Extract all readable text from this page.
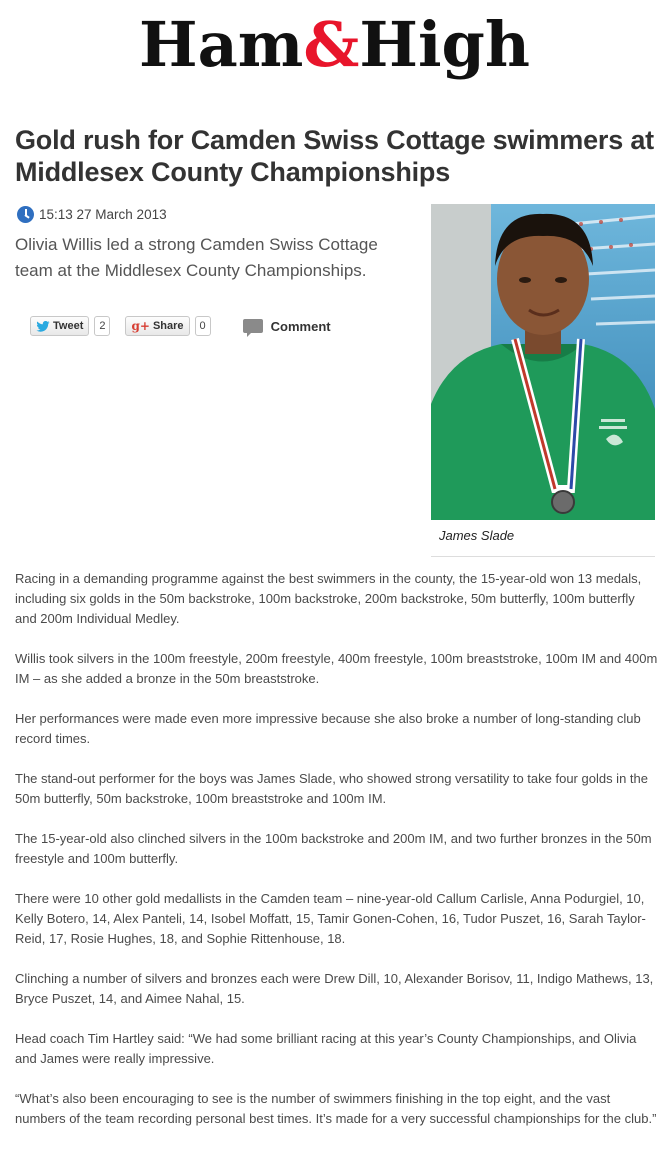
Ham&High
Gold rush for Camden Swiss Cottage swimmers at Middlesex County Championships
15:13 27 March 2013

Olivia Willis led a strong Camden Swiss Cottage team at the Middlesex County Championships.

Tweet	2	g+ Share	0	Comment
James Slade

Racing in a demanding programme against the best swimmers in the county, the 15-year-old won 13 medals, including six golds in the 50m backstroke, 100m backstroke, 200m backstroke, 50m butterfly, 100m butterfly and 200m Individual Medley.

Willis took silvers in the 100m freestyle, 200m freestyle, 400m freestyle, 100m breaststroke, 100m IM and 400m IM – as she added a bronze in the 50m breaststroke.

Her performances were made even more impressive because she also broke a number of long-standing club record times.

The stand-out performer for the boys was James Slade, who showed strong versatility to take four golds in the 50m butterfly, 50m backstroke, 100m breaststroke and 100m IM.

The 15-year-old also clinched silvers in the 100m backstroke and 200m IM, and two further bronzes in the 50m freestyle and 100m butterfly.

There were 10 other gold medallists in the Camden team – nine-year-old Callum Carlisle, Anna Podurgiel, 10, Kelly Botero, 14, Alex Panteli, 14, Isobel Moffatt, 15, Tamir Gonen-Cohen, 16, Tudor Puszet, 16, Sarah Taylor-Reid, 17, Rosie Hughes, 18, and Sophie Rittenhouse, 18.

Clinching a number of silvers and bronzes each were Drew Dill, 10, Alexander Borisov, 11, Indigo Mathews, 13, Bryce Puszet, 14, and Aimee Nahal, 15.

Head coach Tim Hartley said: “We had some brilliant racing at this year’s County Championships, and Olivia and James were really impressive.

“What’s also been encouraging to see is the number of swimmers finishing in the top eight, and the vast numbers of the team recording personal best times. It’s made for a very successful championships for the club.”
